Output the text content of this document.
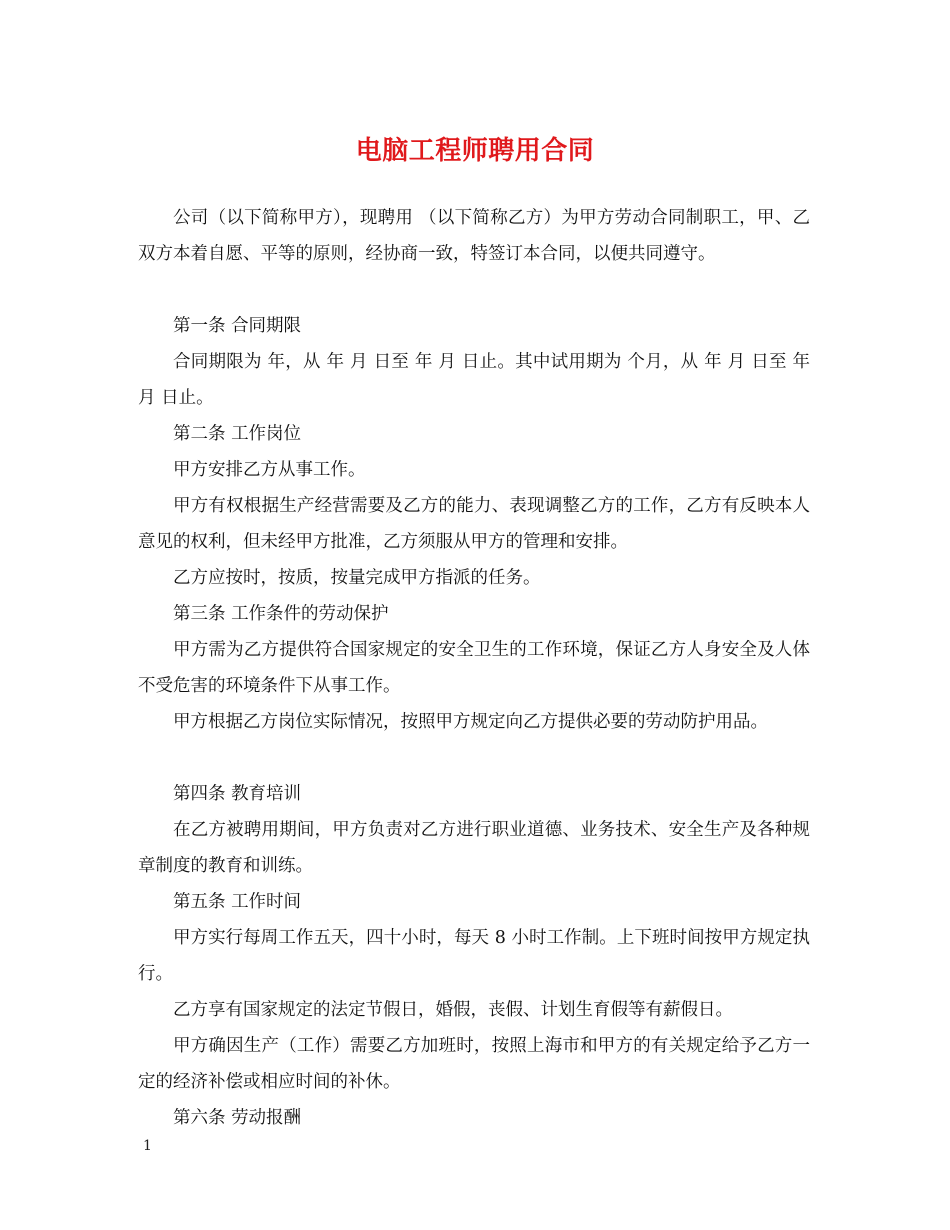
电脑工程师聘用合同

公司（以下简称甲方），现聘用 （以下简称乙方）为甲方劳动合同制职工，甲、乙双方本着自愿、平等的原则，经协商一致，特签订本合同，以便共同遵守。

第一条 合同期限

合同期限为 年，从 年 月 日至 年 月 日止。其中试用期为 个月，从 年 月 日至 年 月 日止。

第二条 工作岗位

甲方安排乙方从事工作。

甲方有权根据生产经营需要及乙方的能力、表现调整乙方的工作，乙方有反映本人意见的权利，但未经甲方批准，乙方须服从甲方的管理和安排。

乙方应按时，按质，按量完成甲方指派的任务。

第三条 工作条件的劳动保护

甲方需为乙方提供符合国家规定的安全卫生的工作环境，保证乙方人身安全及人体不受危害的环境条件下从事工作。

甲方根据乙方岗位实际情况，按照甲方规定向乙方提供必要的劳动防护用品。

第四条 教育培训

在乙方被聘用期间，甲方负责对乙方进行职业道德、业务技术、安全生产及各种规章制度的教育和训练。

第五条 工作时间

甲方实行每周工作五天，四十小时，每天 8 小时工作制。上下班时间按甲方规定执行。

乙方享有国家规定的法定节假日，婚假，丧假、计划生育假等有薪假日。

甲方确因生产（工作）需要乙方加班时，按照上海市和甲方的有关规定给予乙方一定的经济补偿或相应时间的补休。

第六条 劳动报酬

1
